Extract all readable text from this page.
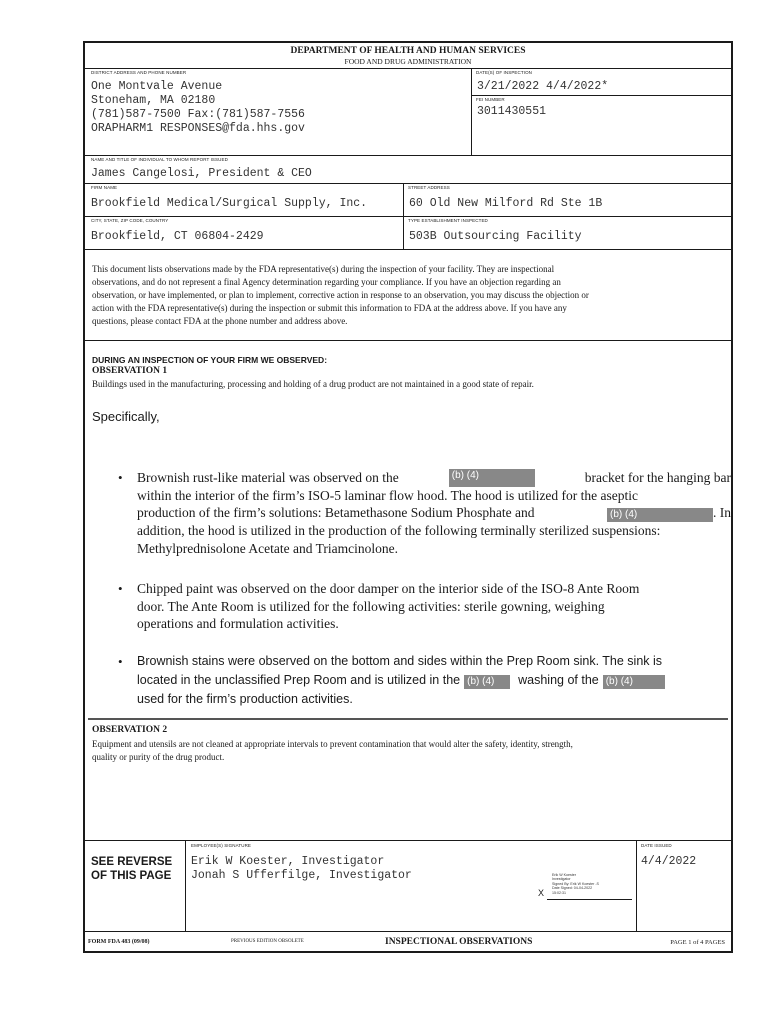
DEPARTMENT OF HEALTH AND HUMAN SERVICES
FOOD AND DRUG ADMINISTRATION
DISTRICT ADDRESS AND PHONE NUMBER
One Montvale Avenue
Stoneham, MA 02180
(781)587-7500 Fax:(781)587-7556
ORAPHARM1 RESPONSES@fda.hhs.gov
DATE(S) OF INSPECTION
3/21/2022 4/4/2022*
FEI NUMBER
3011430551
NAME AND TITLE OF INDIVIDUAL TO WHOM REPORT ISSUED
James Cangelosi, President & CEO
FIRM NAME
Brookfield Medical/Surgical Supply, Inc.
STREET ADDRESS
60 Old New Milford Rd Ste 1B
CITY, STATE, ZIP CODE, COUNTRY
Brookfield, CT 06804-2429
TYPE ESTABLISHMENT INSPECTED
503B Outsourcing Facility
This document lists observations made by the FDA representative(s) during the inspection of your facility. They are inspectional
observations, and do not represent a final Agency determination regarding your compliance. If you have an objection regarding an
observation, or have implemented, or plan to implement, corrective action in response to an observation, you may discuss the objection or
action with the FDA representative(s) during the inspection or submit this information to FDA at the address above. If you have any
questions, please contact FDA at the phone number and address above.
DURING AN INSPECTION OF YOUR FIRM WE OBSERVED:
OBSERVATION 1
Buildings used in the manufacturing, processing and holding of a drug product are not maintained in a good state of repair.
Specifically,
• Brownish rust-like material was observed on the	(b) (4)	bracket for the hanging bar
within the interior of the firm’s ISO-5 laminar flow hood. The hood is utilized for the aseptic
production of the firm’s solutions: Betamethasone Sodium Phosphate and	(b) (4)	. In
addition, the hood is utilized in the production of the following terminally sterilized suspensions:
Methylprednisolone Acetate and Triamcinolone.
• Chipped paint was observed on the door damper on the interior side of the ISO-8 Ante Room
door. The Ante Room is utilized for the following activities: sterile gowning, weighing
operations and formulation activities.
• Brownish stains were observed on the bottom and sides within the Prep Room sink. The sink is
located in the unclassified Prep Room and is utilized in the (b) (4)	washing of the (b) (4)
used for the firm’s production activities.
OBSERVATION 2
Equipment and utensils are not cleaned at appropriate intervals to prevent contamination that would alter the safety, identity, strength,
quality or purity of the drug product.
SEE REVERSE
OF THIS PAGE
EMPLOYEE(S) SIGNATURE
Erik W Koester, Investigator
Jonah S Ufferfilge, Investigator	Erik W Koester
Investigator
Signed By: Erik W Koester -S
Date Signed: 04-04-2022
15:02:31
X
DATE ISSUED
4/4/2022
FORM FDA 483 (09/08)	PREVIOUS EDITION OBSOLETE	INSPECTIONAL OBSERVATIONS	PAGE 1 of 4 PAGES
